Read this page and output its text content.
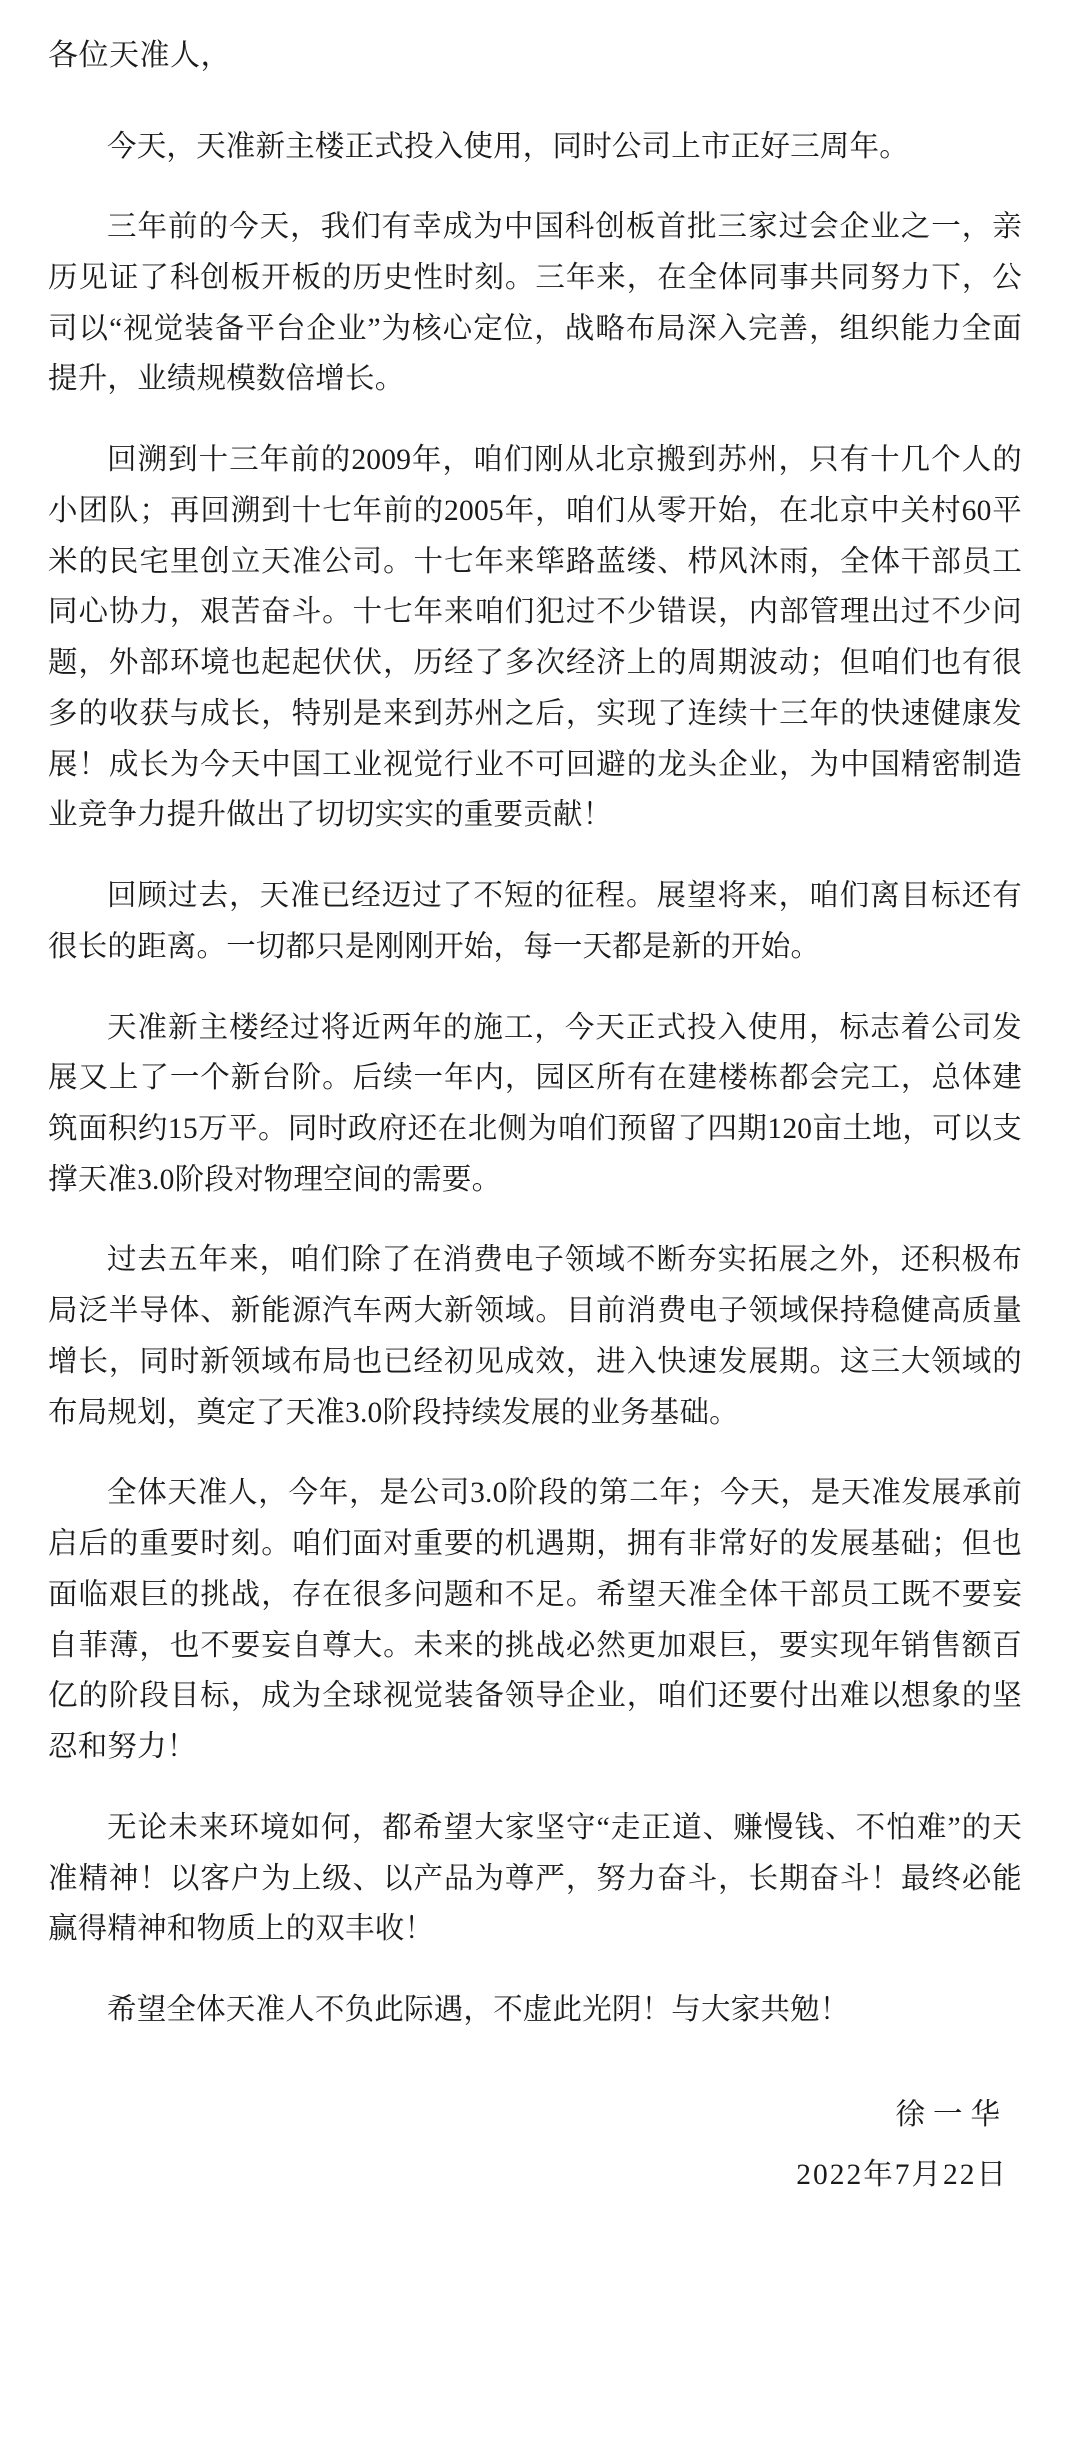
各位天准人，

今天，天准新主楼正式投入使用，同时公司上市正好三周年。

三年前的今天，我们有幸成为中国科创板首批三家过会企业之一，亲历见证了科创板开板的历史性时刻。三年来，在全体同事共同努力下，公司以“视觉装备平台企业”为核心定位，战略布局深入完善，组织能力全面提升，业绩规模数倍增长。

回溯到十三年前的2009年，咱们刚从北京搬到苏州，只有十几个人的小团队；再回溯到十七年前的2005年，咱们从零开始，在北京中关村60平米的民宅里创立天准公司。十七年来筚路蓝缕、栉风沐雨，全体干部员工同心协力，艰苦奋斗。十七年来咱们犯过不少错误，内部管理出过不少问题，外部环境也起起伏伏，历经了多次经济上的周期波动；但咱们也有很多的收获与成长，特别是来到苏州之后，实现了连续十三年的快速健康发展！成长为今天中国工业视觉行业不可回避的龙头企业，为中国精密制造业竞争力提升做出了切切实实的重要贡献！

回顾过去，天准已经迈过了不短的征程。展望将来，咱们离目标还有很长的距离。一切都只是刚刚开始，每一天都是新的开始。

天准新主楼经过将近两年的施工，今天正式投入使用，标志着公司发展又上了一个新台阶。后续一年内，园区所有在建楼栋都会完工，总体建筑面积约15万平。同时政府还在北侧为咱们预留了四期120亩土地，可以支撑天准3.0阶段对物理空间的需要。

过去五年来，咱们除了在消费电子领域不断夯实拓展之外，还积极布局泛半导体、新能源汽车两大新领域。目前消费电子领域保持稳健高质量增长，同时新领域布局也已经初见成效，进入快速发展期。这三大领域的布局规划，奠定了天准3.0阶段持续发展的业务基础。

全体天准人，今年，是公司3.0阶段的第二年；今天，是天准发展承前启后的重要时刻。咱们面对重要的机遇期，拥有非常好的发展基础；但也面临艰巨的挑战，存在很多问题和不足。希望天准全体干部员工既不要妄自菲薄，也不要妄自尊大。未来的挑战必然更加艰巨，要实现年销售额百亿的阶段目标，成为全球视觉装备领导企业，咱们还要付出难以想象的坚忍和努力！

无论未来环境如何，都希望大家坚守“走正道、赚慢钱、不怕难”的天准精神！以客户为上级、以产品为尊严，努力奋斗，长期奋斗！最终必能赢得精神和物质上的双丰收！

希望全体天准人不负此际遇，不虚此光阴！与大家共勉！

徐一华

2022年7月22日
